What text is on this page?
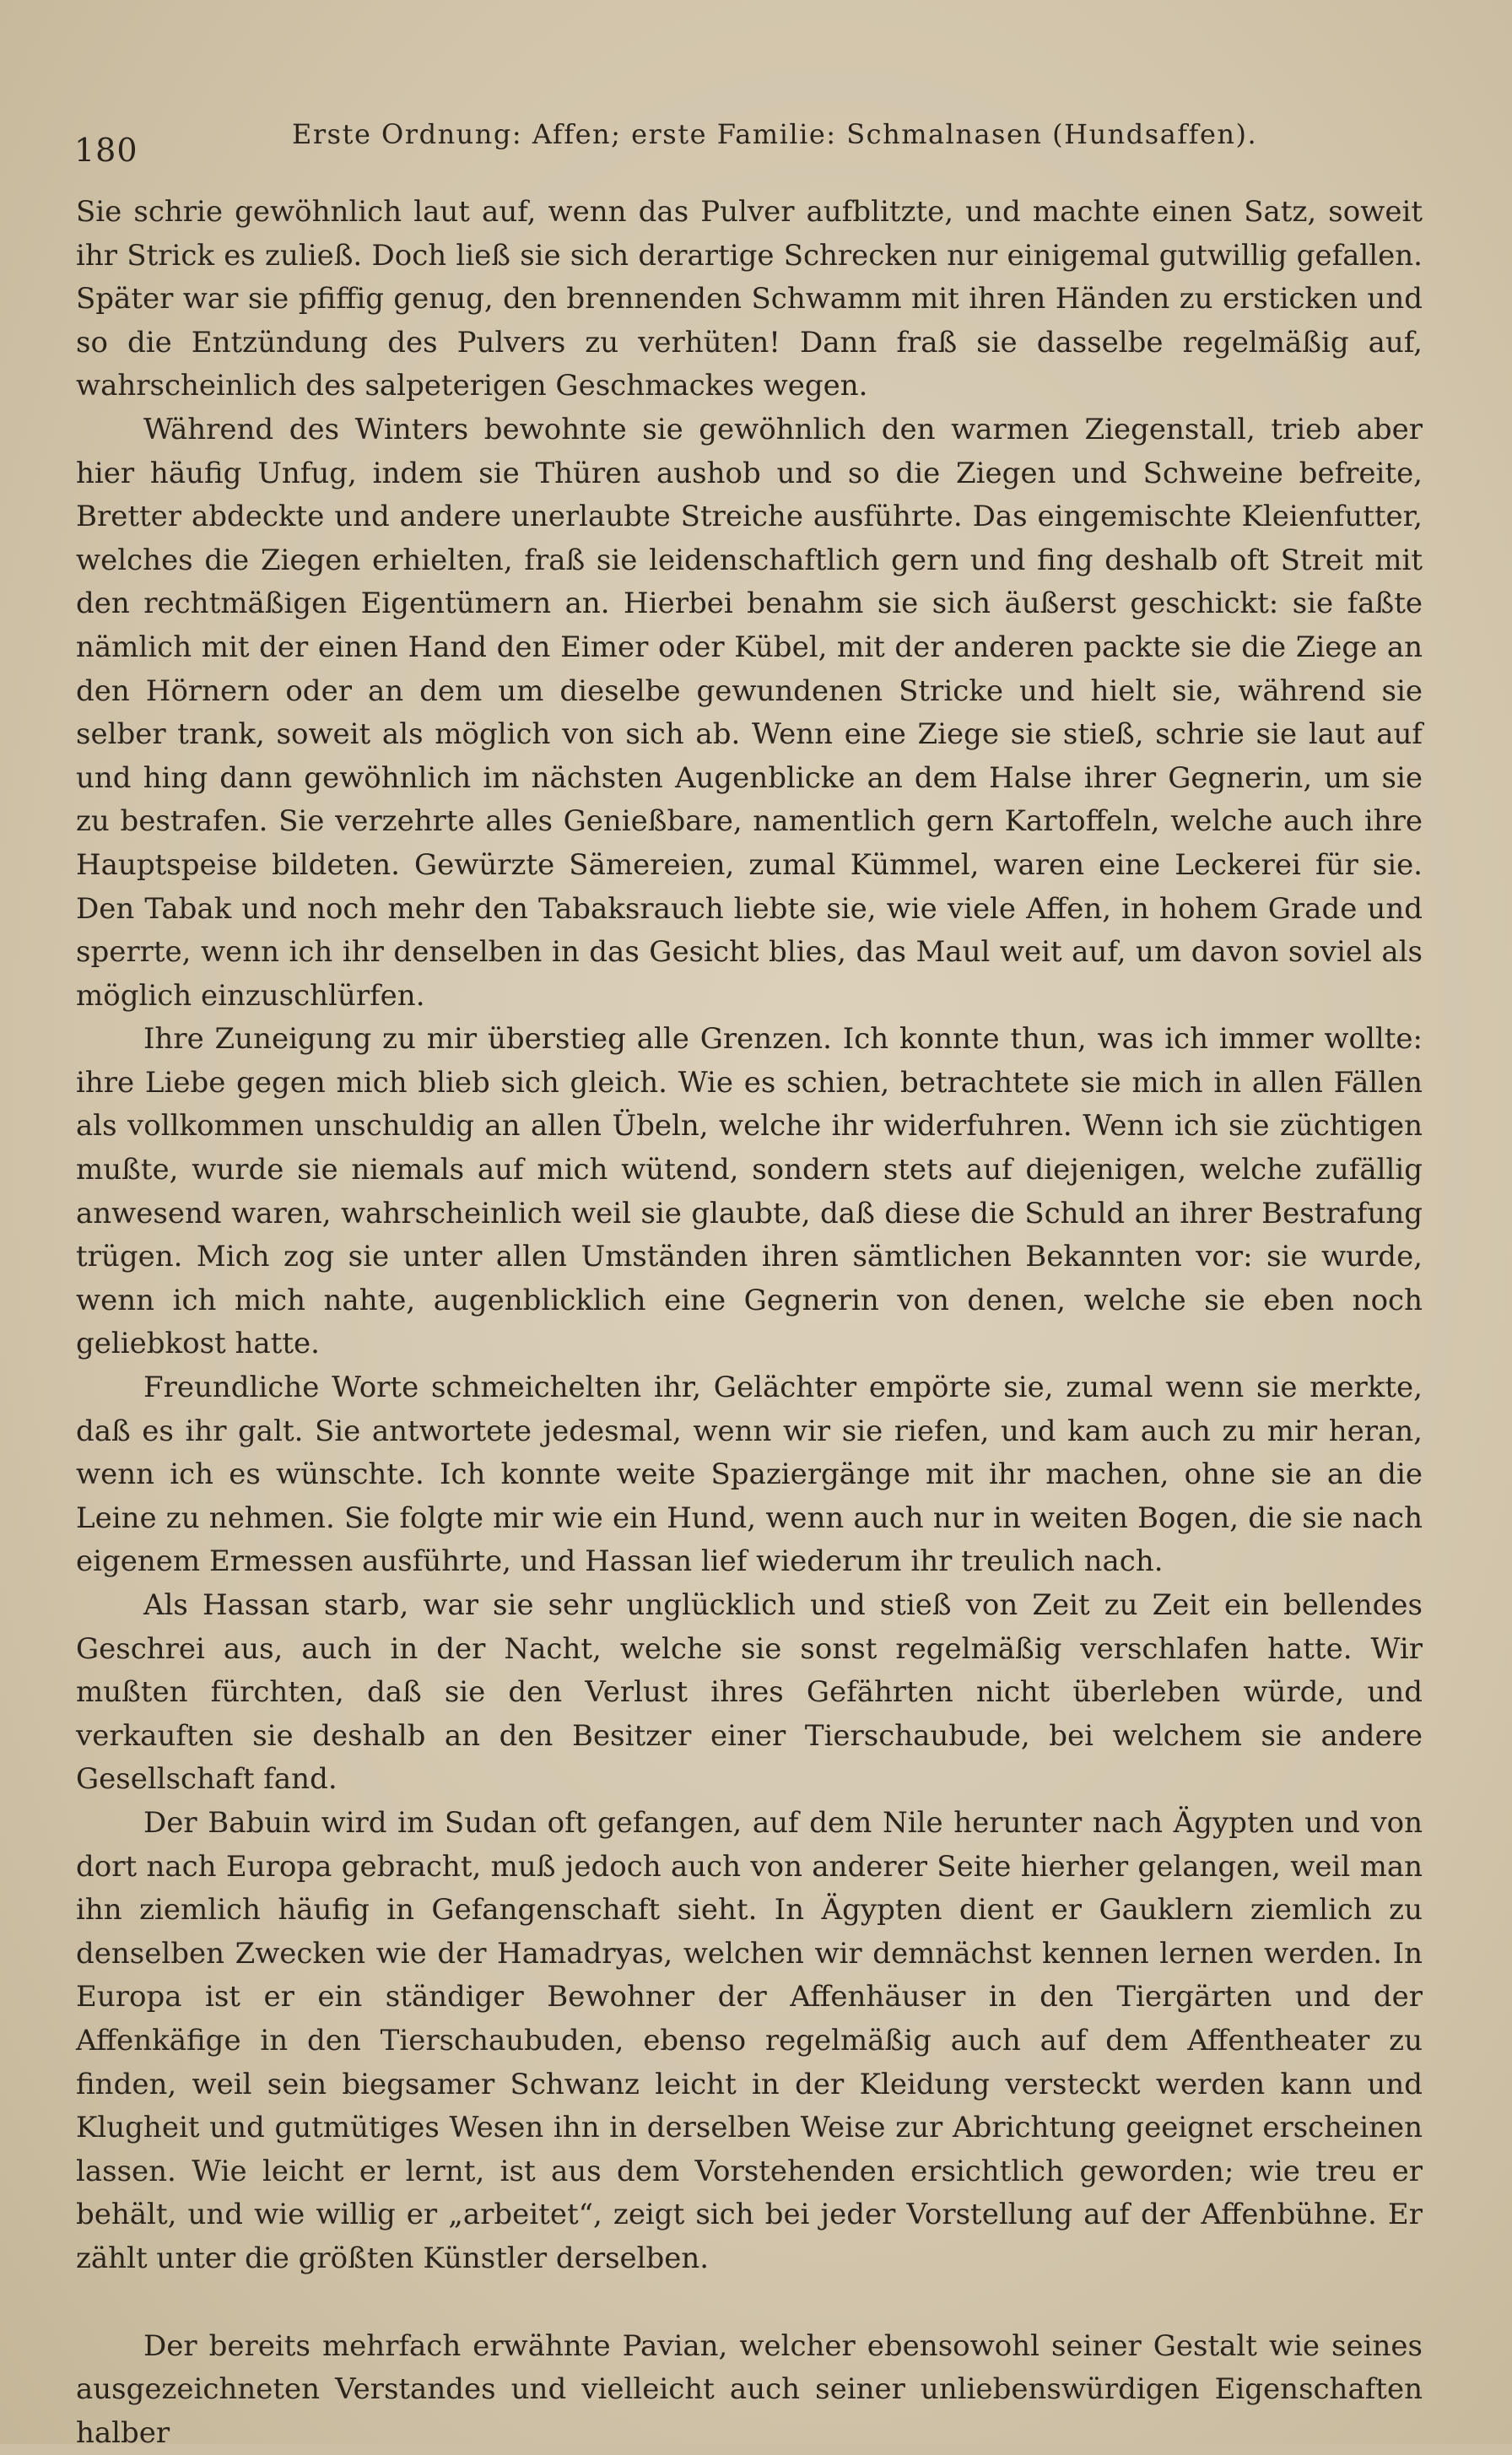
180	Erste Ordnung: Affen; erste Familie: Schmalnasen (Hundsaffen).

Sie schrie gewöhnlich laut auf, wenn das Pulver aufblitzte, und machte einen Satz, soweit ihr Strick es zuließ. Doch ließ sie sich derartige Schrecken nur einigemal gutwillig gefallen. Später war sie pfiffig genug, den brennenden Schwamm mit ihren Händen zu ersticken und so die Entzündung des Pulvers zu verhüten! Dann fraß sie dasselbe regelmäßig auf, wahrscheinlich des salpeterigen Geschmackes wegen.

Während des Winters bewohnte sie gewöhnlich den warmen Ziegenstall, trieb aber hier häufig Unfug, indem sie Thüren aushob und so die Ziegen und Schweine befreite, Bretter abdeckte und andere unerlaubte Streiche ausführte. Das eingemischte Kleienfutter, welches die Ziegen erhielten, fraß sie leidenschaftlich gern und fing deshalb oft Streit mit den rechtmäßigen Eigentümern an. Hierbei benahm sie sich äußerst geschickt: sie faßte nämlich mit der einen Hand den Eimer oder Kübel, mit der anderen packte sie die Ziege an den Hörnern oder an dem um dieselbe gewundenen Stricke und hielt sie, während sie selber trank, soweit als möglich von sich ab. Wenn eine Ziege sie stieß, schrie sie laut auf und hing dann gewöhnlich im nächsten Augenblicke an dem Halse ihrer Gegnerin, um sie zu bestrafen. Sie verzehrte alles Genießbare, namentlich gern Kartoffeln, welche auch ihre Hauptspeise bildeten. Gewürzte Sämereien, zumal Kümmel, waren eine Leckerei für sie. Den Tabak und noch mehr den Tabaksrauch liebte sie, wie viele Affen, in hohem Grade und sperrte, wenn ich ihr denselben in das Gesicht blies, das Maul weit auf, um davon soviel als möglich einzuschlürfen.

Ihre Zuneigung zu mir überstieg alle Grenzen. Ich konnte thun, was ich immer wollte: ihre Liebe gegen mich blieb sich gleich. Wie es schien, betrachtete sie mich in allen Fällen als vollkommen unschuldig an allen Übeln, welche ihr widerfuhren. Wenn ich sie züchtigen mußte, wurde sie niemals auf mich wütend, sondern stets auf diejenigen, welche zufällig anwesend waren, wahrscheinlich weil sie glaubte, daß diese die Schuld an ihrer Bestrafung trügen. Mich zog sie unter allen Umständen ihren sämtlichen Bekannten vor: sie wurde, wenn ich mich nahte, augenblicklich eine Gegnerin von denen, welche sie eben noch geliebkost hatte.

Freundliche Worte schmeichelten ihr, Gelächter empörte sie, zumal wenn sie merkte, daß es ihr galt. Sie antwortete jedesmal, wenn wir sie riefen, und kam auch zu mir heran, wenn ich es wünschte. Ich konnte weite Spaziergänge mit ihr machen, ohne sie an die Leine zu nehmen. Sie folgte mir wie ein Hund, wenn auch nur in weiten Bogen, die sie nach eigenem Ermessen ausführte, und Hassan lief wiederum ihr treulich nach.

Als Hassan starb, war sie sehr unglücklich und stieß von Zeit zu Zeit ein bellendes Geschrei aus, auch in der Nacht, welche sie sonst regelmäßig verschlafen hatte. Wir mußten fürchten, daß sie den Verlust ihres Gefährten nicht überleben würde, und verkauften sie deshalb an den Besitzer einer Tierschaubude, bei welchem sie andere Gesellschaft fand.

Der Babuin wird im Sudan oft gefangen, auf dem Nile herunter nach Ägypten und von dort nach Europa gebracht, muß jedoch auch von anderer Seite hierher gelangen, weil man ihn ziemlich häufig in Gefangenschaft sieht. In Ägypten dient er Gauklern ziemlich zu denselben Zwecken wie der Hamadryas, welchen wir demnächst kennen lernen werden. In Europa ist er ein ständiger Bewohner der Affenhäuser in den Tiergärten und der Affenkäfige in den Tierschaubuden, ebenso regelmäßig auch auf dem Affentheater zu finden, weil sein biegsamer Schwanz leicht in der Kleidung versteckt werden kann und Klugheit und gutmütiges Wesen ihn in derselben Weise zur Abrichtung geeignet erscheinen lassen. Wie leicht er lernt, ist aus dem Vorstehenden ersichtlich geworden; wie treu er behält, und wie willig er „arbeitet“, zeigt sich bei jeder Vorstellung auf der Affenbühne. Er zählt unter die größten Künstler derselben.

Der bereits mehrfach erwähnte Pavian, welcher ebensowohl seiner Gestalt wie seines ausgezeichneten Verstandes und vielleicht auch seiner unliebenswürdigen Eigenschaften halber
